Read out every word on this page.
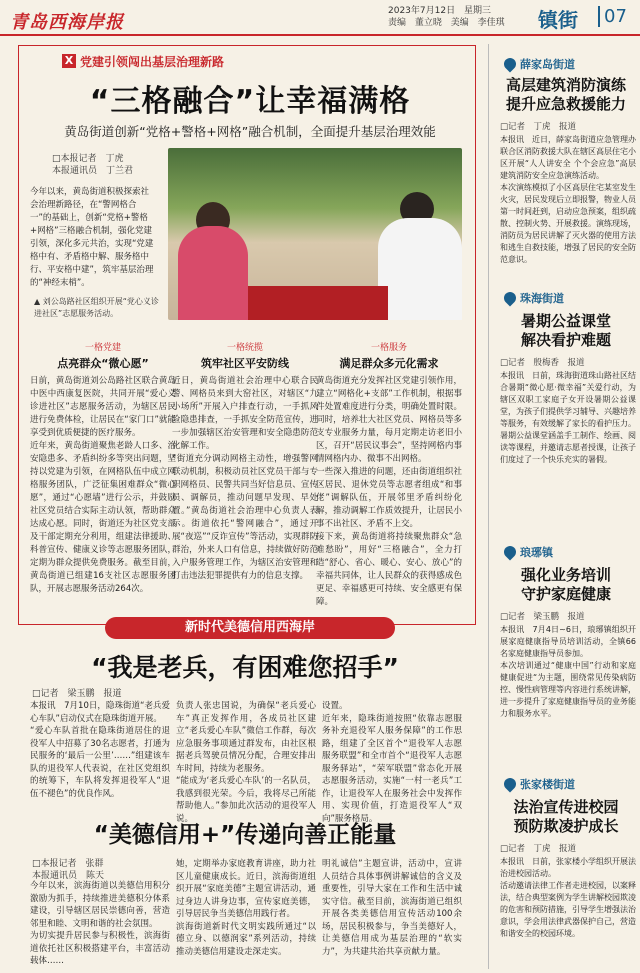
青岛西海岸报
2023年7月12日 星期三
责编 董立晓 美编 李佳琪	镇街	07
X 党建引领闯出基层治理新路
“三格融合”让幸福满格
黄岛街道创新“党格+警格+网格”融合机制，全面提升基层治理效能
□本报记者　丁虎
本报通讯员　丁兰君
今年以来，黄岛街道积极探索社会治理新路径，在“警网格合一”的基础上，创新“党格+警格+网格”三格融合机制，强化党建引领，深化多元共治，实现“党建格中有、矛盾格中解、服务格中行、平安格中建”，筑牢基层治理的“神经末梢”。
▲ 刘公岛路社区组织开展“党心义诊进社区”志愿服务活动。
一格党建
点亮群众“微心愿”
日前，黄岛街道刘公岛路社区联合黄岛中医中西康复医院，共同开展“爱心义诊进社区”志愿服务活动，为辖区居民进行免费体检，让居民在“家门口”就能享受到优质便捷的医疗服务。
近年来，黄岛街道聚焦老龄人口多、治安隐患多、矛盾纠纷多等突出问题，坚持以党建为引领，在网格队伍中成立网格服务团队，广泛征集困难群众“微心愿”，通过“心愿墙”进行公示，并鼓励社区党员结合实际主动认领，帮助群众达成心愿。同时，街道还为社区党支部及干部定期充分利用，组建法律援助、科普宣传、健康义诊等志愿服务团队，定期为群众提供免费服务。截至目前，黄岛街道已组建16支社区志愿服务团队，开展志愿服务活动264次。
一格统揽
筑牢社区平安防线
近日，黄岛街道社会治理中心联合民警、网格员来到大窑社区，对辖区“九小场所”开展入户排查行动，一手抓风险隐患排查，一手抓安全防范宣传，进一步加强辖区治安管理和安全隐患防范化解工作。
“街道充分调动网格主动性，增强警网联动机制，积极动员社区党员干部与专职网格员、民警共同当好信息员、宣传员、调解员，推动问题早发现、早处置。”黄岛街道社会治理中心负责人表示。街道依托“警网融合”，通过开展“夜巡”“反诈宣传”等活动，实现群防群治，外来人口有信息，持续做好防范入户服务管理工作，为辖区治安管理和打击违法犯罪提供有力的信息支撑。
一格服务
满足群众多元化需求
黄岛街道充分发挥社区党建引领作用，建立“网格化+支部”工作机制，根据事件处置难度进行分类，明确处置时限。同时，培养壮大社区党员、网格员等多支专业服务力量，每月定期走访老旧小区，召开“居民议事会”，坚持网格内事情网格内办、微事不出网格。
一些深入推进的问题，还由街道组织社区居民、退休党员等志愿者组成“和事佬”调解队伍，开展邻里矛盾纠纷化解，推动调解工作质效提升，让居民小事不出社区、矛盾不上交。
接下来，黄岛街道将持续聚焦群众“急难愁盼”，用好“三格融合”，全力打造“舒心、省心、暖心、安心、放心”的幸福共同体，让人民群众的获得感成色更足、幸福感更可持续、安全感更有保障。
新时代美德信用西海岸
“我是老兵，有困难您招手”
□记者　梁玉鹏　报道
本报讯　7月10日，隐珠街道“老兵爱心车队”启动仪式在隐珠街道开展。
“爱心车队首批在隐珠街道居住的退役军人中招募了30名志愿者，打通为民服务的‘最后一公里’……”组建该车队的退役军人代表说，在社区党组织的统筹下，车队将发挥退役军人“退伍不褪色”的优良作风。
负责人张忠国说，为确保“老兵爱心车”真正发挥作用，各成员社区建立“老兵爱心车队”微信工作群，每次应急服务事项通过群发布，由社区根据老兵驾驶员情况分配，合理安排出车时间，持续为老服务。
“能成为‘老兵爱心车队’的一名队员，我感到很光荣。今后，我将尽己所能帮助他人。”参加此次活动的退役军人说。
设置。
近年来，隐珠街道按照“依靠志愿服务补充退役军人服务保障”的工作思路，组建了全区首个“退役军人志愿服务联盟”和全市首个“退役军人志愿服务驿站”，“荣军联盟”常态化开展志愿服务活动，实施“一村一老兵”工作，让退役军人在服务社会中发挥作用、实现价值，打造退役军人“双向”服务格局。
“美德信用+”传递向善正能量
□本报记者　张群
本报通讯员　陈天
今年以来，滨海街道以美德信用积分激励为抓手，持续推进美德积分体系建设，引导辖区居民崇德向善，营造邻里和睦、文明和谐的社会氛围。
为切实提升居民参与积极性，滨海街道依托社区积极搭建平台，丰富活动载体……
她，定期举办家庭教育讲座，助力社区儿童健康成长。近日，滨海街道组织开展“家庭美德”主题宣讲活动，通过身边人讲身边事，宣传家庭美德，引导居民争当美德信用践行者。
滨海街道新时代文明实践所通过“以德立身、以德润家”系列活动，持续推动美德信用建设走深走实。
明礼诚信”主题宣讲，活动中，宣讲人员结合具体事例讲解诚信的含义及重要性，引导大家在工作和生活中诚实守信。截至目前，滨海街道已组织开展各类美德信用宣传活动100余场，居民积极参与，争当美德好人，让美德信用成为基层治理的“软实力”，为共建共治共享贡献力量。
薛家岛街道
高层建筑消防演练
提升应急救援能力
□记者　丁虎　报道
本报讯　近日，薛家岛街道应急管理办联合区消防救援大队在辖区高层住宅小区开展“人人讲安全 个个会应急”高层建筑消防安全应急演练活动。
本次演练模拟了小区高层住宅某室发生火灾，居民发现后立即报警，物业人员第一时间赶到，启动应急预案，组织疏散、控制火势、开展救援。演练现场，消防员为居民讲解了灭火器的使用方法和逃生自救技能，增强了居民的安全防范意识。
珠海街道
暑期公益课堂
解决看护难题
□记者　殷梅香　报道
本报讯　日前，珠海街道珠山路社区结合暑期“微心愿·微幸福”关爱行动，为辖区双职工家庭子女开设暑期公益课堂，为孩子们提供学习辅导、兴趣培养等服务，有效缓解了家长的看护压力。
暑期公益课堂涵盖手工制作、绘画、阅读等课程，并邀请志愿者授课，让孩子们度过了一个快乐充实的暑假。
琅琊镇
强化业务培训
守护家庭健康
□记者　梁玉鹏　报道
本报讯　7月4日~6日，琅琊镇组织开展家庭健康指导员培训活动，全镇66名家庭健康指导员参加。
本次培训通过“健康中国”行动和家庭健康促进“为主题，围绕常见传染病防控、慢性病管理等内容进行系统讲解，进一步提升了家庭健康指导员的业务能力和服务水平。
张家楼街道
法治宣传进校园
预防欺凌护成长
□记者　丁虎　报道
本报讯　日前，张家楼小学组织开展法治进校园活动。
活动邀请法律工作者走进校园，以案释法，结合典型案例为学生讲解校园欺凌的危害和预防措施，引导学生增强法治意识，学会用法律武器保护自己，营造和谐安全的校园环境。
